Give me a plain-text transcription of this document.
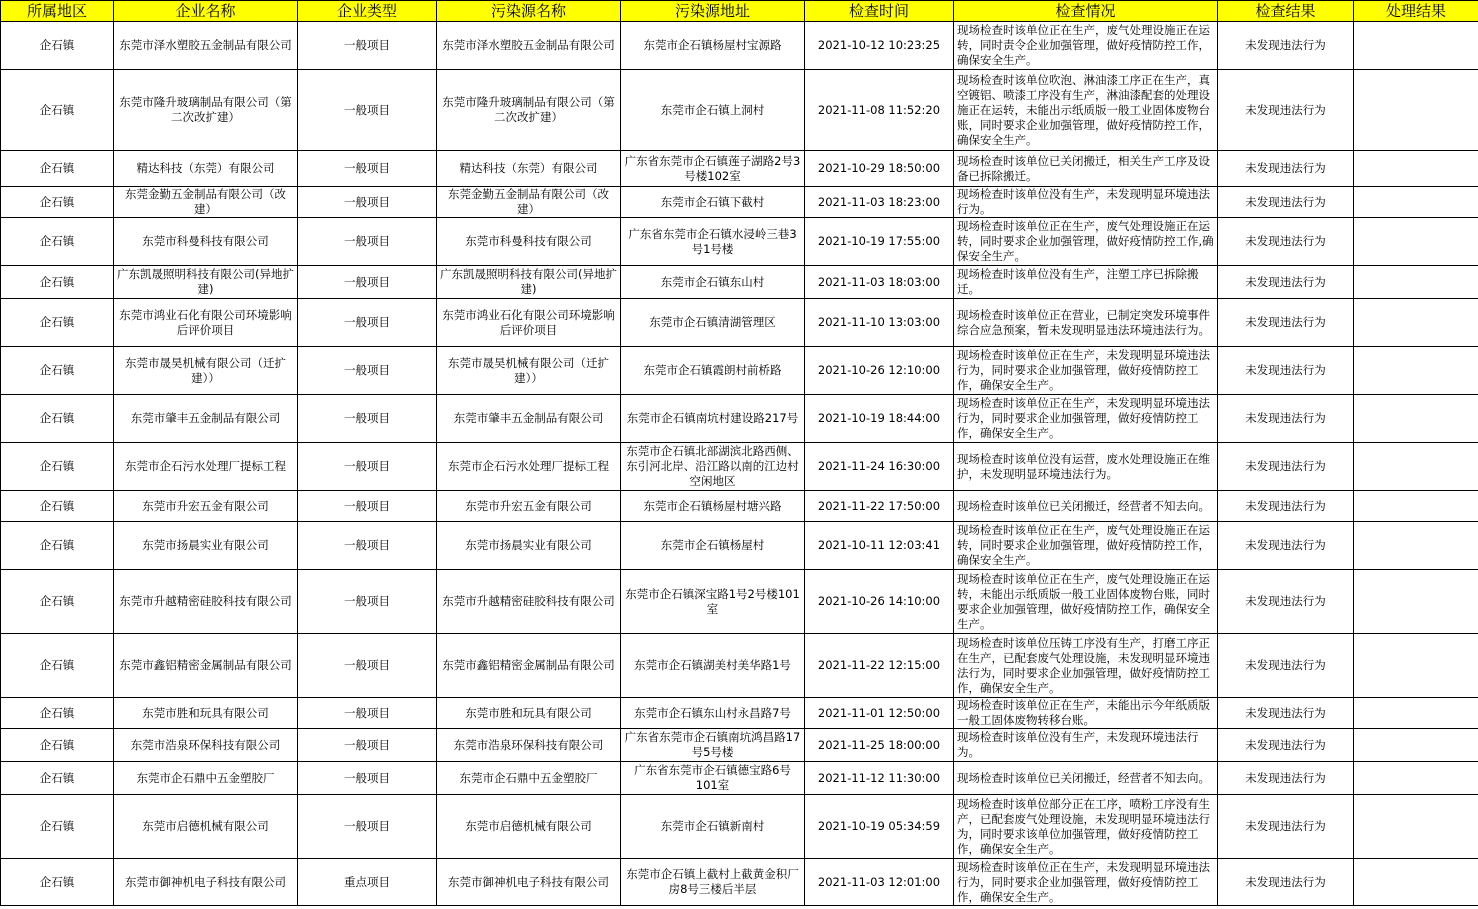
所属地区	企业名称	企业类型	污染源名称	污染源地址	检查时间	检查情况	检查结果	处理结果
企石镇	东莞市泽水塑胶五金制品有限公司	一般项目	东莞市泽水塑胶五金制品有限公司	东莞市企石镇杨屋村宝源路	2021-10-12 10:23:25	现场检查时该单位正在生产，废气处理设施正在运转，同时责令企业加强管理，做好疫情防控工作，确保安全生产。	未发现违法行为	
企石镇	东莞市隆升玻璃制品有限公司（第二次改扩建）	一般项目	东莞市隆升玻璃制品有限公司（第二次改扩建）	东莞市企石镇上洞村	2021-11-08 11:52:20	现场检查时该单位吹泡、淋油漆工序正在生产，真空镀铝、喷漆工序没有生产，淋油漆配套的处理设施正在运转，未能出示纸质版一般工业固体废物台账，同时要求企业加强管理，做好疫情防控工作，确保安全生产。	未发现违法行为	
企石镇	精达科技（东莞）有限公司	一般项目	精达科技（东莞）有限公司	广东省东莞市企石镇莲子湖路2号3号楼102室	2021-10-29 18:50:00	现场检查时该单位已关闭搬迁，相关生产工序及设备已拆除搬迁。	未发现违法行为	
企石镇	东莞金勤五金制品有限公司（改建）	一般项目	东莞金勤五金制品有限公司（改建）	东莞市企石镇下截村	2021-11-03 18:23:00	现场检查时该单位没有生产，未发现明显环境违法行为。	未发现违法行为	
企石镇	东莞市科曼科技有限公司	一般项目	东莞市科曼科技有限公司	广东省东莞市企石镇水浸岭三巷3号1号楼	2021-10-19 17:55:00	现场检查时该单位正在生产，废气处理设施正在运转，同时要求企业加强管理，做好疫情防控工作,确保安全生产。	未发现违法行为	
企石镇	广东凯晟照明科技有限公司(异地扩建)	一般项目	广东凯晟照明科技有限公司(异地扩建)	东莞市企石镇东山村	2021-11-03 18:03:00	现场检查时该单位没有生产，注塑工序已拆除搬迁。	未发现违法行为	
企石镇	东莞市鸿业石化有限公司环境影响后评价项目	一般项目	东莞市鸿业石化有限公司环境影响后评价项目	东莞市企石镇清湖管理区	2021-11-10 13:03:00	现场检查时该单位正在营业，已制定突发环境事件综合应急预案，暂未发现明显违法环境违法行为。	未发现违法行为	
企石镇	东莞市晟昊机械有限公司（迁扩建））	一般项目	东莞市晟昊机械有限公司（迁扩建））	东莞市企石镇霞朗村前桥路	2021-10-26 12:10:00	现场检查时该单位正在生产，未发现明显环境违法行为，同时要求企业加强管理，做好疫情防控工作，确保安全生产。	未发现违法行为	
企石镇	东莞市肇丰五金制品有限公司	一般项目	东莞市肇丰五金制品有限公司	东莞市企石镇南坑村建设路217号	2021-10-19 18:44:00	现场检查时该单位正在生产，未发现明显环境违法行为，同时要求企业加强管理，做好疫情防控工作，确保安全生产。	未发现违法行为	
企石镇	东莞市企石污水处理厂提标工程	一般项目	东莞市企石污水处理厂提标工程	东莞市企石镇北部湖滨北路西侧、东引河北岸、沿江路以南的江边村空闲地区	2021-11-24 16:30:00	现场检查时该单位没有运营，废水处理设施正在维护，未发现明显环境违法行为。	未发现违法行为	
企石镇	东莞市升宏五金有限公司	一般项目	东莞市升宏五金有限公司	东莞市企石镇杨屋村塘兴路	2021-11-22 17:50:00	现场检查时该单位已关闭搬迁，经营者不知去向。	未发现违法行为	
企石镇	东莞市扬晨实业有限公司	一般项目	东莞市扬晨实业有限公司	东莞市企石镇杨屋村	2021-10-11 12:03:41	现场检查时该单位正在生产，废气处理设施正在运转，同时要求企业加强管理，做好疫情防控工作，确保安全生产。	未发现违法行为	
企石镇	东莞市升越精密硅胶科技有限公司	一般项目	东莞市升越精密硅胶科技有限公司	东莞市企石镇深宝路1号2号楼101室	2021-10-26 14:10:00	现场检查时该单位正在生产，废气处理设施正在运转，未能出示纸质版一般工业固体废物台账，同时要求企业加强管理，做好疫情防控工作，确保安全生产。	未发现违法行为	
企石镇	东莞市鑫铝精密金属制品有限公司	一般项目	东莞市鑫铝精密金属制品有限公司	东莞市企石镇湖美村美华路1号	2021-11-22 12:15:00	现场检查时该单位压铸工序没有生产，打磨工序正在生产，已配套废气处理设施，未发现明显环境违法行为，同时要求企业加强管理，做好疫情防控工作，确保安全生产。	未发现违法行为	
企石镇	东莞市胜和玩具有限公司	一般项目	东莞市胜和玩具有限公司	东莞市企石镇东山村永昌路7号	2021-11-01 12:50:00	现场检查时该单位正在生产，未能出示今年纸质版一般工固体废物转移台账。	未发现违法行为	
企石镇	东莞市浩泉环保科技有限公司	一般项目	东莞市浩泉环保科技有限公司	广东省东莞市企石镇南坑鸿昌路17号5号楼	2021-11-25 18:00:00	现场检查时该单位没有生产，未发现环境违法行为。	未发现违法行为	
企石镇	东莞市企石鼎中五金塑胶厂	一般项目	东莞市企石鼎中五金塑胶厂	广东省东莞市企石镇德宝路6号101室	2021-11-12 11:30:00	现场检查时该单位已关闭搬迁，经营者不知去向。	未发现违法行为	
企石镇	东莞市启德机械有限公司	一般项目	东莞市启德机械有限公司	东莞市企石镇新南村	2021-10-19 05:34:59	现场检查时该单位部分正在工序，喷粉工序没有生产，已配套废气处理设施，未发现明显环境违法行为，同时要求该单位加强管理，做好疫情防控工作，确保安全生产。	未发现违法行为	
企石镇	东莞市御神机电子科技有限公司	重点项目	东莞市御神机电子科技有限公司	东莞市企石镇上截村上截黄金积厂房8号三楼后半层	2021-11-03 12:01:00	现场检查时该单位正在生产，未发现明显环境违法行为，同时要求企业加强管理，做好疫情防控工作，确保安全生产。	未发现违法行为	
